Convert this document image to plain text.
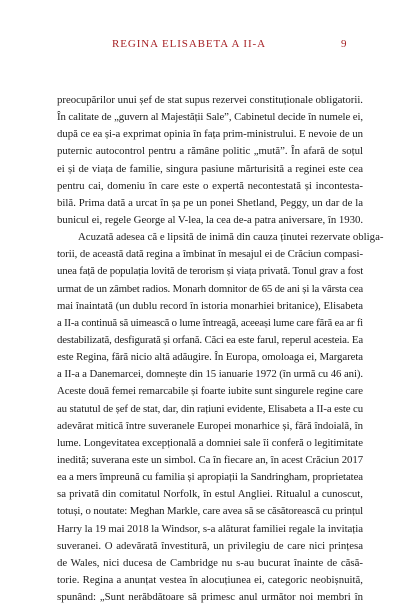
REGINA ELISABETA A II-A	9
preocupărilor unui șef de stat supus rezervei constituționale obligatorii.
În calitate de „guvern al Majestății Sale”, Cabinetul decide în numele ei,
după ce ea și-a exprimat opinia în fața prim-ministrului. E nevoie de un
puternic autocontrol pentru a rămâne politic „mută”. În afară de soțul
ei și de viața de familie, singura pasiune mărturisită a reginei este cea
pentru cai, domeniu în care este o expertă necontestată și incontesta-
bilă. Prima dată a urcat în șa pe un ponei Shetland, Peggy, un dar de la
bunicul ei, regele George al V-lea, la cea de-a patra aniversare, în 1930.
Acuzată adesea că e lipsită de inimă din cauza ținutei rezervate obliga-
torii, de această dată regina a îmbinat în mesajul ei de Crăciun compasi-
unea față de populația lovită de terorism și viața privată. Tonul grav a fost
urmat de un zâmbet radios. Monarh domnitor de 65 de ani și la vârsta cea
mai înaintată (un dublu record în istoria monarhiei britanice), Elisabeta
a II-a continuă să uimească o lume întreagă, aceeași lume care fără ea ar fi
destabilizată, desfigurată și orfană. Căci ea este farul, reperul acesteia. Ea
este Regina, fără nicio altă adăugire. În Europa, omoloaga ei, Margareta
a II-a a Danemarcei, domnește din 15 ianuarie 1972 (în urmă cu 46 ani).
Aceste două femei remarcabile și foarte iubite sunt singurele regine care
au statutul de șef de stat, dar, din rațiuni evidente, Elisabeta a II-a este cu
adevărat mitică între suveranele Europei monarhice și, fără îndoială, în
lume. Longevitatea excepțională a domniei sale îi conferă o legitimitate
inedită; suverana este un simbol. Ca în fiecare an, în acest Crăciun 2017
ea a mers împreună cu familia și apropiații la Sandringham, proprietatea
sa privată din comitatul Norfolk, în estul Angliei. Ritualul a cunoscut,
totuși, o noutate: Meghan Markle, care avea să se căsătorească cu prințul
Harry la 19 mai 2018 la Windsor, s-a alăturat familiei regale la invitația
suveranei. O adevărată învestitură, un privilegiu de care nici prințesa
de Wales, nici ducesa de Cambridge nu s-au bucurat înainte de căsă-
torie. Regina a anunțat vestea în alocuțiunea ei, categoric neobișnuită,
spunând: „Sunt nerăbdătoare să primesc anul următor noi membri în
